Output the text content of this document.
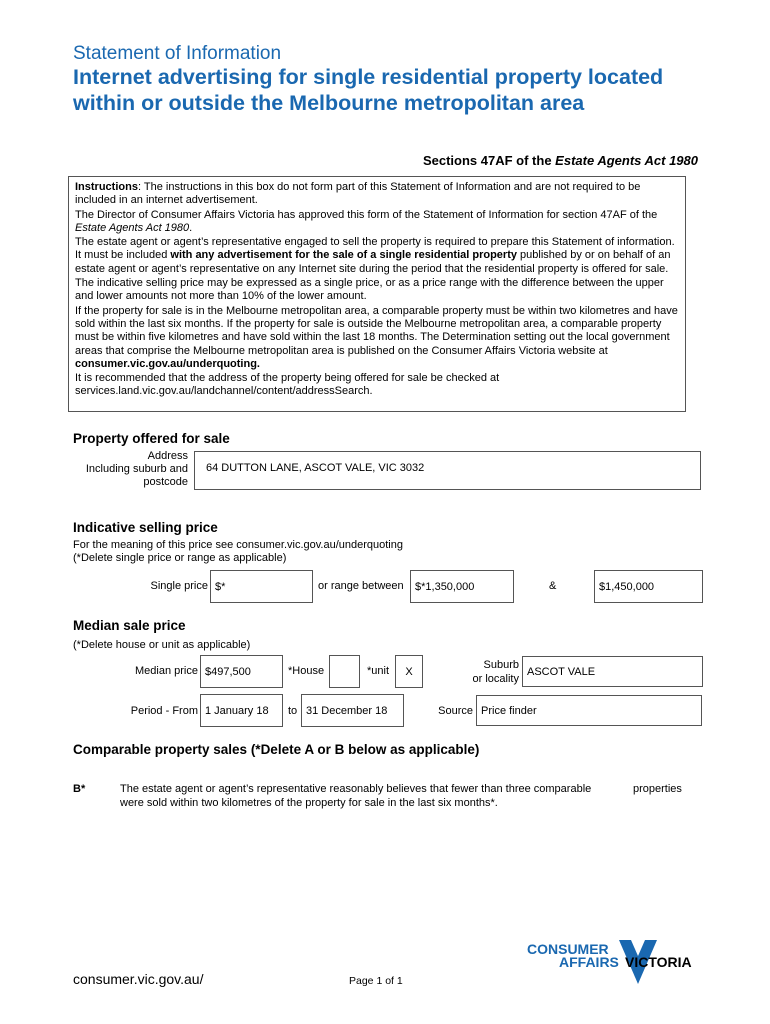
Statement of Information
Internet advertising for single residential property located within or outside the Melbourne metropolitan area
Sections 47AF of the Estate Agents Act 1980

Instructions: The instructions in this box do not form part of this Statement of Information and are not required to be included in an internet advertisement.

The Director of Consumer Affairs Victoria has approved this form of the Statement of Information for section 47AF of the Estate Agents Act 1980.

The estate agent or agent’s representative engaged to sell the property is required to prepare this Statement of information. It must be included with any advertisement for the sale of a single residential property published by or on behalf of an estate agent or agent’s representative on any Internet site during the period that the residential property is offered for sale.

The indicative selling price may be expressed as a single price, or as a price range with the difference between the upper and lower amounts not more than 10% of the lower amount.

If the property for sale is in the Melbourne metropolitan area, a comparable property must be within two kilometres and have sold within the last six months. If the property for sale is outside the Melbourne metropolitan area, a comparable property must be within five kilometres and have sold within the last 18 months. The Determination setting out the local government areas that comprise the Melbourne metropolitan area is published on the Consumer Affairs Victoria website at consumer.vic.gov.au/underquoting.

It is recommended that the address of the property being offered for sale be checked at services.land.vic.gov.au/landchannel/content/addressSearch.

Property offered for sale
Address
Including suburb and
postcode
64 DUTTON LANE, ASCOT VALE, VIC 3032
Indicative selling price
For the meaning of this price see consumer.vic.gov.au/underquoting
(*Delete single price or range as applicable)
Single price $*	or range between	$*1,350,000	&	$1,450,000
Median sale price
(*Delete house or unit as applicable)
Median price $497,500	*House	*unit	X
Suburb
or locality
ASCOT VALE
Period - From 1 January 18	to 31 December 18	Source Price finder
Comparable property sales (*Delete A or B below as applicable)
B*	The estate agent or agent’s representative reasonably believes that fewer than three comparable	properties
were sold within two kilometres of the property for sale in the last six months*.
consumer.vic.gov.au/	Page 1 of 1
CONSUMER
AFFAIRS VICTORIA
